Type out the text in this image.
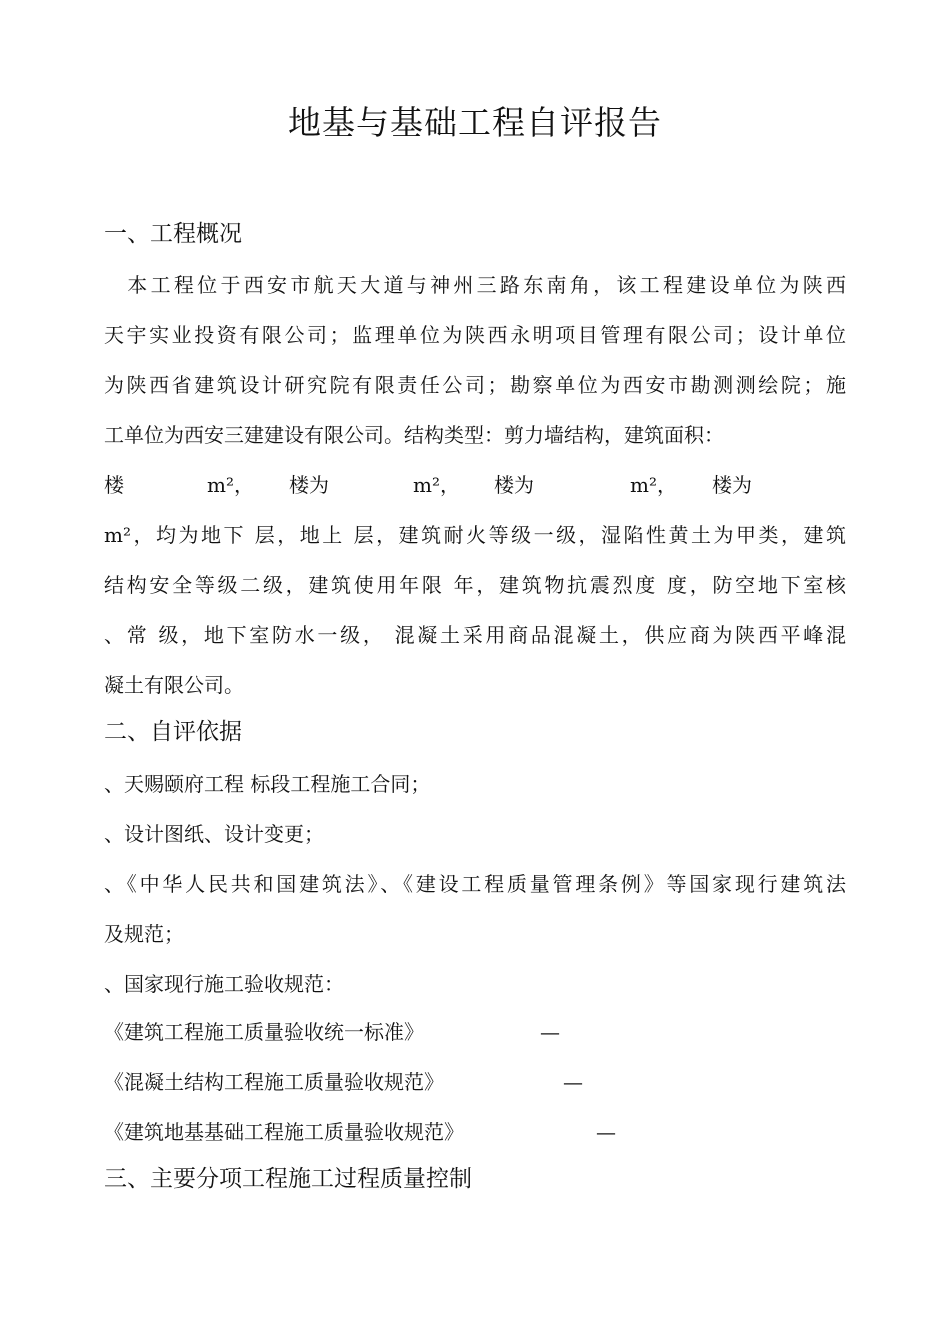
地基与基础工程自评报告
一、工程概况
　本工程位于西安市航天大道与神州三路东南角，该工程建设单位为陕西
天宇实业投资有限公司；监理单位为陕西永明项目管理有限公司；设计单位
为陕西省建筑设计研究院有限责任公司；勘察单位为西安市勘测测绘院；施
工单位为西安三建建设有限公司。结构类型：剪力墙结构，建筑面积：
楼	m²， 楼为	m²， 楼为	m²， 楼为
m²，均为地下 层，地上 层，建筑耐火等级一级，湿陷性黄土为甲类，建筑
结构安全等级二级，建筑使用年限 年，建筑物抗震烈度 度，防空地下室核
、常 级，地下室防水一级， 混凝土采用商品混凝土，供应商为陕西平峰混
凝土有限公司。
二、自评依据
、天赐颐府工程 标段工程施工合同；
、设计图纸、设计变更；
、《中华人民共和国建筑法》、《建设工程质量管理条例》等国家现行建筑法
及规范；
、国家现行施工验收规范：
《建筑工程施工质量验收统一标准》	—
《混凝土结构工程施工质量验收规范》	—
《建筑地基基础工程施工质量验收规范》	—
三、主要分项工程施工过程质量控制
